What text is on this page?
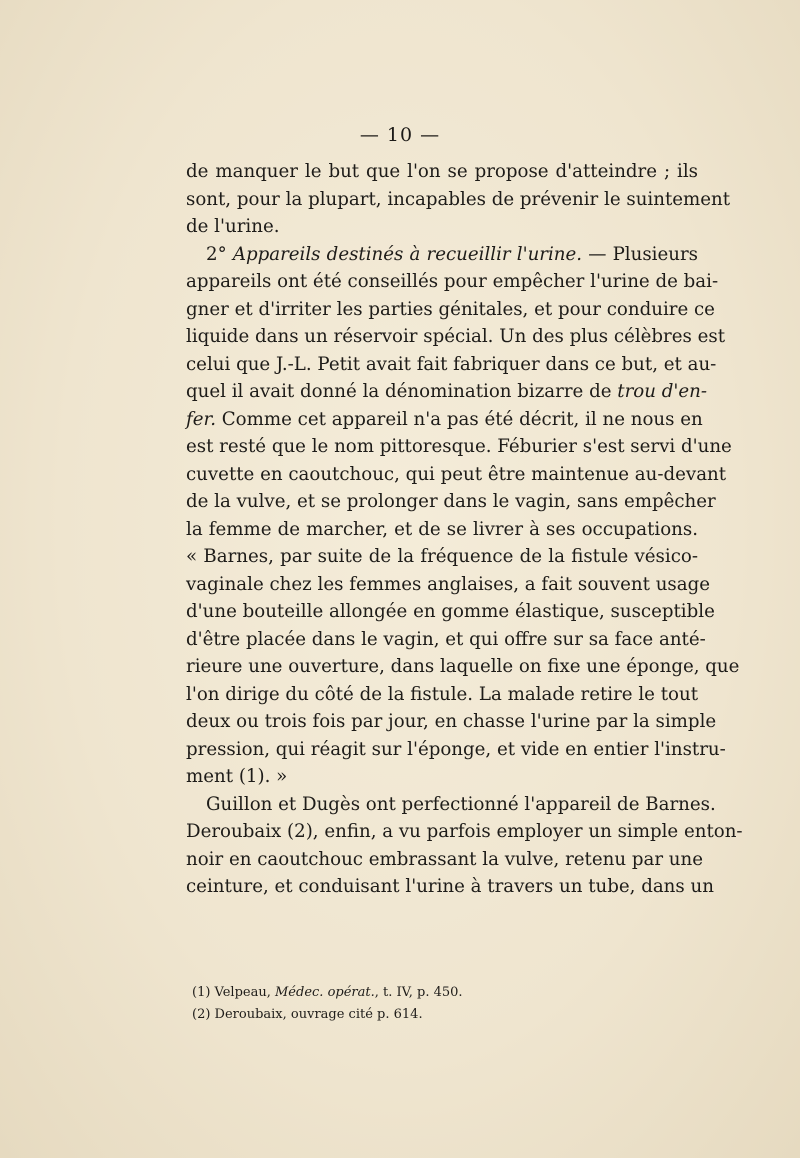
— 10 —
de manquer le but que l'on se propose d'atteindre ; ils
sont, pour la plupart, incapables de prévenir le suintement
de l'urine.
2° Appareils destinés à recueillir l'urine. — Plusieurs
appareils ont été conseillés pour empêcher l'urine de bai-
gner et d'irriter les parties génitales, et pour conduire ce
liquide dans un réservoir spécial. Un des plus célèbres est
celui que J.-L. Petit avait fait fabriquer dans ce but, et au-
quel il avait donné la dénomination bizarre de trou d'en-
fer. Comme cet appareil n'a pas été décrit, il ne nous en
est resté que le nom pittoresque. Féburier s'est servi d'une
cuvette en caoutchouc, qui peut être maintenue au-devant
de la vulve, et se prolonger dans le vagin, sans empêcher
la femme de marcher, et de se livrer à ses occupations.
« Barnes, par suite de la fréquence de la fistule vésico-
vaginale chez les femmes anglaises, a fait souvent usage
d'une bouteille allongée en gomme élastique, susceptible
d'être placée dans le vagin, et qui offre sur sa face anté-
rieure une ouverture, dans laquelle on fixe une éponge, que
l'on dirige du côté de la fistule. La malade retire le tout
deux ou trois fois par jour, en chasse l'urine par la simple
pression, qui réagit sur l'éponge, et vide en entier l'instru-
ment (1). »
Guillon et Dugès ont perfectionné l'appareil de Barnes.
Deroubaix (2), enfin, a vu parfois employer un simple enton-
noir en caoutchouc embrassant la vulve, retenu par une
ceinture, et conduisant l'urine à travers un tube, dans un
(1) Velpeau, Médec. opérat., t. IV, p. 450.
(2) Deroubaix, ouvrage cité p. 614.
